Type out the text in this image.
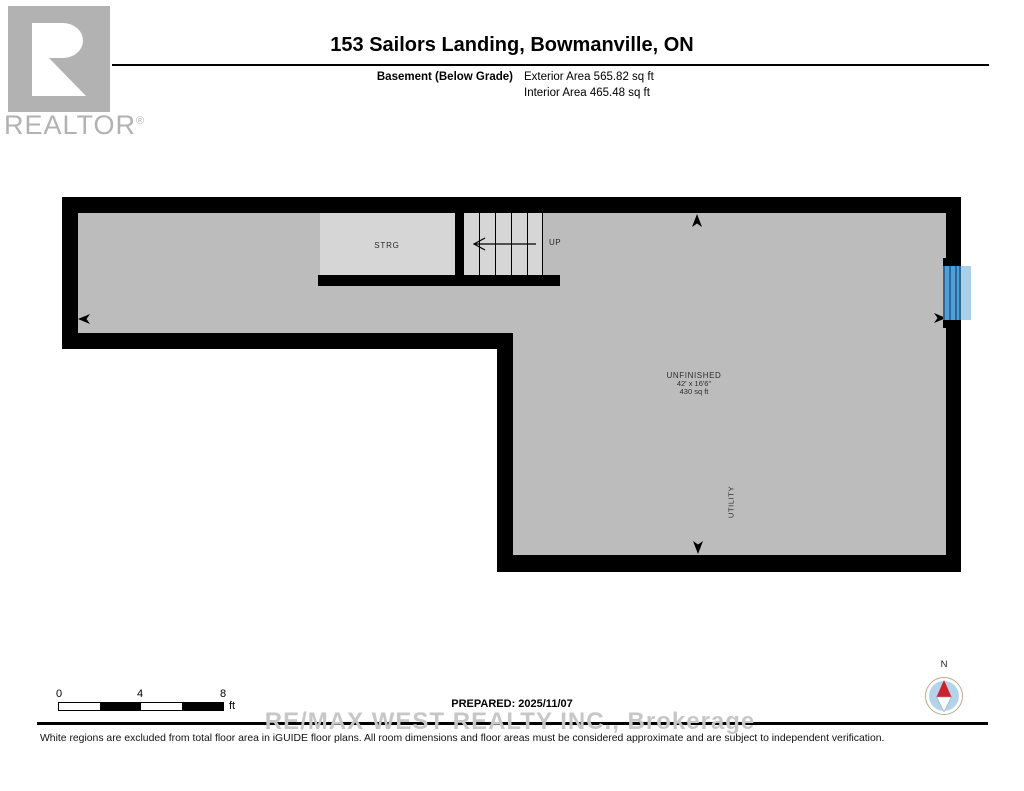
REALTOR®
153 Sailors Landing, Bowmanville, ON
Basement (Below Grade) Exterior Area 565.82 sq ft
Interior Area 465.48 sq ft
STRG	UP
UNFINISHED
42' x 16'6"
430 sq ft
UTILITY
0	4	8
ft	PREPARED: 2025/11/07
RE/MAX WEST REALTY INC., Brokerage
White regions are excluded from total floor area in iGUIDE floor plans. All room dimensions and floor areas must be considered approximate and are subject to independent verification.
N
